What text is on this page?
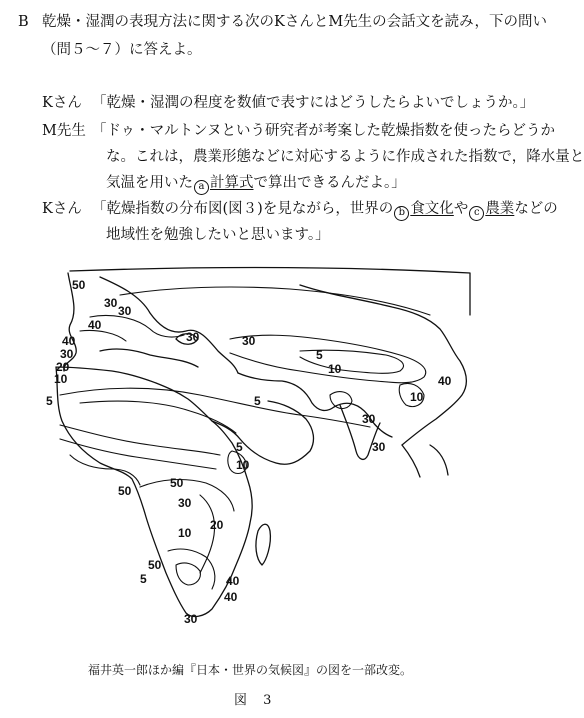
B 乾燥・湿潤の表現方法に関する次のKさんとM先生の会話文を読み，下の問い
（問５～７）に答えよ。
Kさん 「乾燥・湿潤の程度を数値で表すにはどうしたらよいでしょうか。」
M先生 「ドゥ・マルトンヌという研究者が考案した乾燥指数を使ったらどうか
な。これは，農業形態などに対応するように作成された指数で，降水量と
気温を用いた a 計算式で算出できるんだよ。」
Kさん 「乾燥指数の分布図(図３)を見ながら，世界の b 食文化や c 農業などの
地域性を勉強したいと思います。」
50
30
30
40
40
30
20
10
5
30	30
5
10
5
40
10
30
30
5
10
50
30
10
20
50
50
5	40
40
30
福井英一郎ほか編『日本・世界の気候図』の図を一部改変。
図 3
